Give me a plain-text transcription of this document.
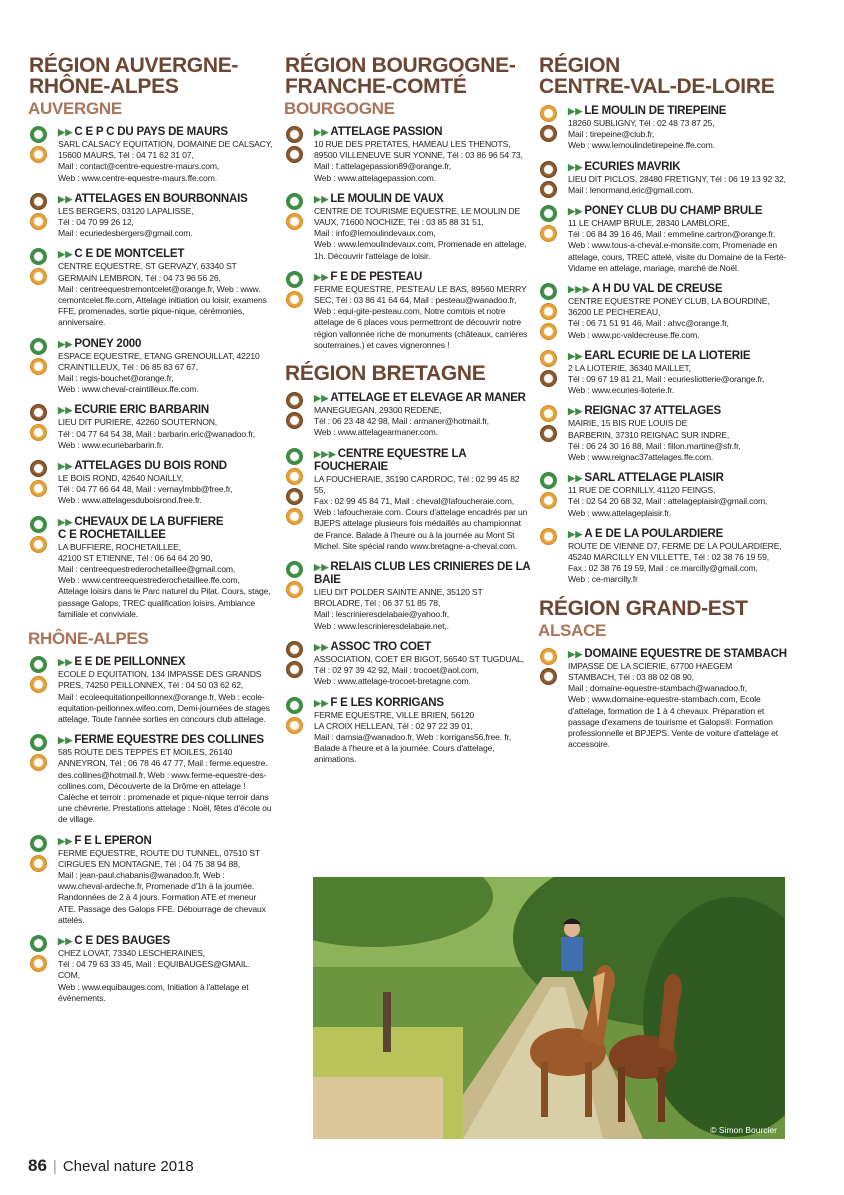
RÉGION AUVERGNE-
RHÔNE-ALPES
AUVERGNE
▶ ▶ C E P C DU PAYS DE MAURS
SARL CALSACY EQUITATION, DOMAINE DE CALSACY, 15600 MAURS, Tél : 04 71 62 31 07,
Mail : contact@centre-equestre-maurs.com,
Web : www.centre-equestre-maurs.ffe.com.
▶ ▶ ATTELAGES EN BOURBONNAIS
LES BERGERS, 03120 LAPALISSE,
Tél : 04 70 99 26 12,
Mail : ecuriedesbergers@gmail.com.
▶ ▶ C E DE MONTCELET
CENTRE EQUESTRE, ST GERVAZY, 63340 ST GERMAIN LEMBRON, Tél : 04 73 96 56 26,
Mail : centreequestremontcelet@orange.fr, Web : www. cemontcelet.ffe.com, Attelage initiation ou loisir, examens FFE, promenades, sortie pique-nique, cérémonies, anniversaire.
▶ ▶ PONEY 2000
ESPACE EQUESTRE, ETANG GRENOUILLAT, 42210 CRAINTILLEUX, Tél : 06 85 83 67 67,
Mail : regis-bouchet@orange.fr,
Web : www.cheval-craintilleux.ffe.com.
▶ ▶ ECURIE ERIC BARBARIN
LIEU DIT PURIERE, 42260 SOUTERNON,
Tél : 04 77 64 54 38, Mail : barbarin.eric@wanadoo.fr,
Web : www.ecuriebarbarin.fr.
▶ ▶ ATTELAGES DU BOIS ROND
LE BOIS ROND, 42640 NOAILLY,
Tél : 04 77 66 64 48, Mail : vernaylmbb@free.fr,
Web : www.attelagesduboisrond.free.fr.
▶ ▶ CHEVAUX DE LA BUFFIERE
C E ROCHETAILLEE
LA BUFFIERE, ROCHETAILLEE,
42100 ST ETIENNE, Tél : 06 64 64 20 90,
Mail : centreequestrederochetaillee@gmail.com,
Web : www.centreequestrederochetaillee.ffe.com,
Attelage loisirs dans le Parc naturel du Pilat. Cours, stage, passage Galops, TREC qualification loisirs. Ambiance familiale et conviviale.
RHÔNE-ALPES
▶ ▶ E E DE PEILLONNEX
ECOLE D EQUITATION, 134 IMPASSE DES GRANDS PRES, 74250 PEILLONNEX, Tél : 04 50 03 62 62,
Mail : ecoleequitationpeillonnex@orange.fr, Web : ecole-equitation-peillonnex.wifeo.com, Demi-journées de stages attelage. Toute l'année sorties en concours club attelage.
▶ ▶ FERME EQUESTRE DES COLLINES
585 ROUTE DES TEPPES ET MOILES, 26140 ANNEYRON, Tél : 06 78 46 47 77, Mail : ferme.equestre. des.collines@hotmail.fr, Web : www.ferme-equestre-des-collines.com, Découverte de la Drôme en attelage ! Calèche et terroir : promenade et pique-nique terroir dans une chèvrerie. Prestations attelage : Noël, fêtes d'école ou de village.
▶ ▶ F E L EPERON
FERME EQUESTRE, ROUTE DU TUNNEL, 07510 ST CIRGUES EN MONTAGNE, Tél : 04 75 38 94 88,
Mail : jean-paul.chabanis@wanadoo.fr, Web : www.cheval-ardeche.fr, Promenade d'1h à la journée. Randonnées de 2 à 4 jours. Formation ATE et meneur ATE. Passage des Galops FFE. Débourrage de chevaux attelés.
▶ ▶ C E DES BAUGES
CHEZ LOVAT, 73340 LESCHERAINES,
Tél : 04 79 63 33 45, Mail : EQUIBAUGES@GMAIL. COM,
Web : www.equibauges.com, Initiation à l'attelage et événements.
RÉGION BOURGOGNE-
FRANCHE-COMTÉ
BOURGOGNE
▶ ▶ ATTELAGE PASSION
10 RUE DES PRETATES, HAMEAU LES THENOTS,
89500 VILLENEUVE SUR YONNE, Tél : 03 86 96 54 73,
Mail : f.attelagepassion89@orange.fr,
Web : www.attelagepassion.com.
▶ ▶ LE MOULIN DE VAUX
CENTRE DE TOURISME EQUESTRE, LE MOULIN DE VAUX, 71600 NOCHIZE, Tél : 03 85 88 31 51,
Mail : info@lemoulindevaux.com,
Web : www.lemoulindevaux.com, Promenade en attelage, 1h. Découvrir l'attelage de loisir.
▶ ▶ F E DE PESTEAU
FERME EQUESTRE, PESTEAU LE BAS, 89560 MERRY SEC, Tél : 03 86 41 64 64, Mail : pesteau@wanadoo.fr,
Web : equi-gite-pesteau.com, Notre comtois et notre attelage de 6 places vous permettront de découvrir notre région vallonnée riche de monuments (châteaux, carrières souterraines.) et caves vigneronnes !
RÉGION BRETAGNE
▶ ▶ ATTELAGE ET ELEVAGE AR MANER
MANEGUEGAN, 29300 REDENE,
Tél : 06 23 48 42 98, Mail : armaner@hotmail.fr,
Web : www.attelagearmaner.com.
▶ ▶ ▶ CENTRE EQUESTRE LA FOUCHERAIE
LA FOUCHERAIE, 35190 CARDROC, Tél : 02 99 45 82 55,
Fax : 02 99 45 84 71, Mail : cheval@lafoucheraie.com,
Web : lafoucheraie.com. Cours d'attelage encadrés par un BJEPS attelage plusieurs fois médaillés au championnat de France. Balade à l'heure ou à la journée au Mont St Michel. Site spécial rando www.bretagne-a-cheval.com.
▶ ▶ RELAIS CLUB LES CRINIERES DE LA BAIE
LIEU DIT POLDER SAINTE ANNE, 35120 ST BROLADRE, Tél : 06 37 51 85 78,
Mail : lescrinieresdelabaie@yahoo.fr,
Web : www.lescrinieresdelabaie.net,.
▶ ▶ ASSOC TRO COET
ASSOCIATION, COET ER BIGOT, 56540 ST TUGDUAL,
Tél : 02 97 39 42 92, Mail : trocoet@aol.com,
Web : www.attelage-trocoet-bretagne.com.
▶ ▶ F E LES KORRIGANS
FERME EQUESTRE, VILLE BRIEN, 56120
LA CROIX HELLEAN, Tél : 02 97 22 39 01,
Mail : damsia@wanadoo.fr, Web : korrigans56.free. fr, Balade à l'heure et à la journée. Cours d'attelage, animations.
RÉGION
CENTRE-VAL-DE-LOIRE
▶ ▶ LE MOULIN DE TIREPEINE
18260 SUBLIGNY, Tél : 02 48 73 87 25,
Mail : tirepeine@club.fr,
Web : www.lemoulindetirepeine.ffe.com.
▶ ▶ ECURIES MAVRIK
LIEU DIT PICLOS, 28480 FRETIGNY, Tél : 06 19 13 92 32,
Mail : lenormand.eric@gmail.com.
▶ ▶ PONEY CLUB DU CHAMP BRULE
11 LE CHAMP BRULE, 28340 LAMBLORE,
Tél : 06 84 39 16 46, Mail : emmeline.cartron@orange.fr,
Web : www.tous-a-cheval.e-monsite.com, Promenade en attelage, cours, TREC attelé, visite du Domaine de la Ferté-Vidame en attelage, mariage, marché de Noël.
▶ ▶ ▶ A H DU VAL DE CREUSE
CENTRE EQUESTRE PONEY CLUB, LA BOURDINE, 36200 LE PECHEREAU,
Tél : 06 71 51 91 46, Mail : ahvc@orange.fr,
Web : www.pc-valdecreuse.ffe.com.
▶ ▶ EARL ECURIE DE LA LIOTERIE
2 LA LIOTERIE, 36340 MAILLET,
Tél : 09 67 19 81 21, Mail : ecuriesliotterie@orange.fr,
Web : www.ecuries-lioterie.fr.
▶ ▶ REIGNAC 37 ATTELAGES
MAIRIE, 15 BIS RUE LOUIS DE
BARBERIN, 37310 REIGNAC SUR INDRE,
Tél : 06 24 30 16 88, Mail : fillon.martine@sfr.fr,
Web : www.reignac37attelages.ffe.com.
▶ ▶ SARL ATTELAGE PLAISIR
11 RUE DE CORNILLY, 41120 FEINGS,
Tél : 02 54 20 68 32, Mail : attelageplaisir@gmail.com,
Web : www.attelageplaisir.fr.
▶ ▶ A E DE LA POULARDIERE
ROUTE DE VIENNE D7, FERME DE LA POULARDIERE, 45240 MARCILLY EN VILLETTE, Tél : 02 38 76 19 59,
Fax : 02 38 76 19 59, Mail : ce.marcilly@gmail.com,
Web : ce-marcilly.fr
RÉGION GRAND-EST
ALSACE
▶ ▶ DOMAINE EQUESTRE DE STAMBACH
IMPASSE DE LA SCIERIE, 67700 HAEGEM
STAMBACH, Tél : 03 88 02 08 90,
Mail : domaine-equestre-stambach@wanadoo.fr,
Web : www.domaine-equestre-stambach.com, Ecole d'attelage, formation de 1 à 4 chevaux. Préparation et passage d'examens de tourisme et Galops®. Formation professionnelle et BPJEPS. Vente de voiture d'attelage et accessoire.
© Simon Bourcier
86 | Cheval nature 2018
